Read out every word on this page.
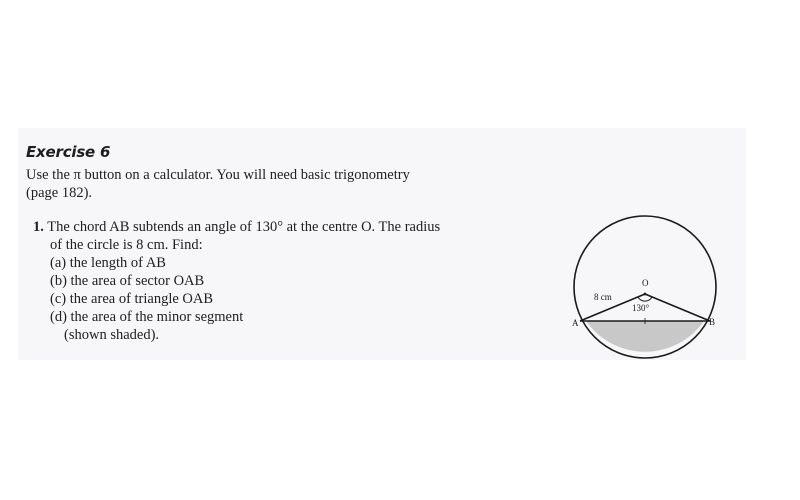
Exercise 6
Use the π button on a calculator. You will need basic trigonometry
(page 182).
1. The chord AB subtends an angle of 130° at the centre O. The radius
of the circle is 8 cm. Find:
(a) the length of AB
(b) the area of sector OAB
(c) the area of triangle OAB
(d) the area of the minor segment
(shown shaded).
O
A	B
8 cm
130°
